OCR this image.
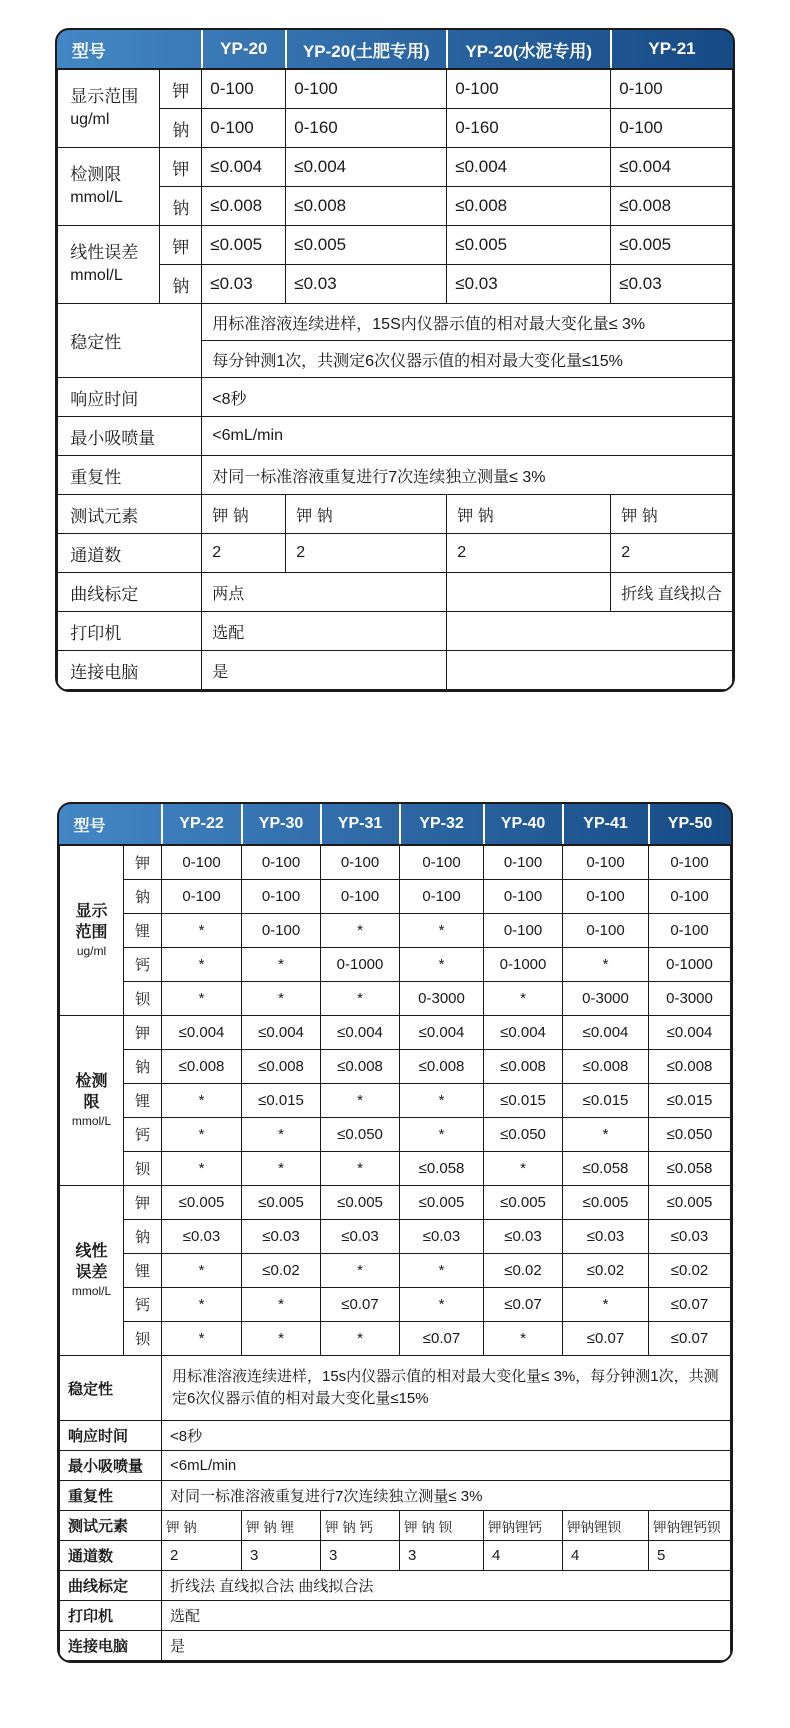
型号		YP-20	YP-20(土肥专用)	YP-20(水泥专用)	YP-21

显示范围
ug/ml	钾	0-100	0-100	0-100	0-100
	钠	0-100	0-160	0-160	0-100

检测限
mmol/L	钾	≤0.004	≤0.004	≤0.004	≤0.004
	钠	≤0.008	≤0.008	≤0.008	≤0.008

线性误差
mmol/L	钾	≤0.005	≤0.005	≤0.005	≤0.005
	钠	≤0.03	≤0.03	≤0.03	≤0.03
稳定性		用标准溶液连续进样，15S内仪器示值的相对最大变化量≤ 3%			
		每分钟测1次，共测定6次仪器示值的相对最大变化量≤15%			
响应时间		<8秒			
最小吸喷量		<6mL/min			
重复性		对同一标准溶液重复进行7次连续独立测量≤ 3%			
测试元素		钾 钠	钾 钠	钾 钠	钾 钠
通道数		2	2	2	2
曲线标定		两点			折线 直线拟合
打印机		选配			
连接电脑		是			
型号		YP-22	YP-30	YP-31	YP-32	YP-40	YP-41	YP-50

显示
范围
ug/ml	钾	0-100	0-100	0-100	0-100	0-100	0-100	0-100
	钠	0-100	0-100	0-100	0-100	0-100	0-100	0-100
	锂	*	0-100	*	*	0-100	0-100	0-100
	钙	*	*	0-1000	*	0-1000	*	0-1000
	钡	*	*	*	0-3000	*	0-3000	0-3000

检测
限
mmol/L	钾	≤0.004	≤0.004	≤0.004	≤0.004	≤0.004	≤0.004	≤0.004
	钠	≤0.008	≤0.008	≤0.008	≤0.008	≤0.008	≤0.008	≤0.008
	锂	*	≤0.015	*	*	≤0.015	≤0.015	≤0.015
	钙	*	*	≤0.050	*	≤0.050	*	≤0.050
	钡	*	*	*	≤0.058	*	≤0.058	≤0.058

线性
误差
mmol/L	钾	≤0.005	≤0.005	≤0.005	≤0.005	≤0.005	≤0.005	≤0.005
	钠	≤0.03	≤0.03	≤0.03	≤0.03	≤0.03	≤0.03	≤0.03
	锂	*	≤0.02	*	*	≤0.02	≤0.02	≤0.02
	钙	*	*	≤0.07	*	≤0.07	*	≤0.07
	钡	*	*	*	≤0.07	*	≤0.07	≤0.07
稳定性		用标准溶液连续进样，15s内仪器示值的相对最大变化量≤ 3%，每分钟测1次，共测定6次仪器示值的相对最大变化量≤15%						
响应时间		<8秒						
最小吸喷量		<6mL/min						
重复性		对同一标准溶液重复进行7次连续独立测量≤ 3%						
测试元素		钾 钠	钾 钠 锂	钾 钠 钙	钾 钠 钡	钾钠锂钙	钾钠锂钡	钾钠锂钙钡
通道数		2	3	3	3	4	4	5
曲线标定		折线法 直线拟合法 曲线拟合法						
打印机		选配						
连接电脑		是						
